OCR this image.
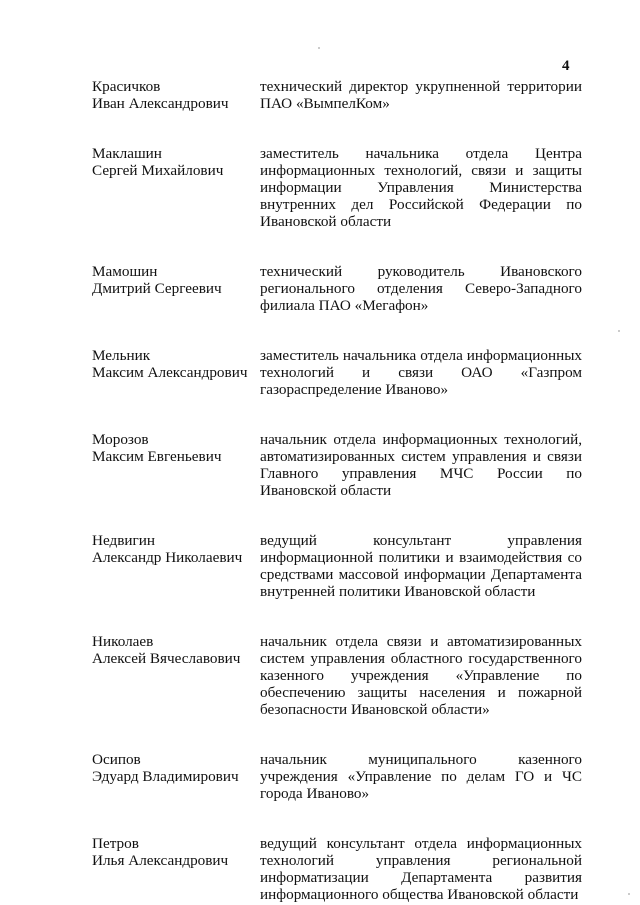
4
Красичков
Иван Александрович
технический директор укрупненной территории ПАО «ВымпелКом»
Маклашин
Сергей Михайлович
заместитель начальника отдела Центра информационных технологий, связи и защиты информации Управления Министерства внутренних дел Российской Федерации по Ивановской области
Мамошин
Дмитрий Сергеевич
технический руководитель Ивановского регионального отделения Северо-Западного филиала ПАО «Мегафон»
Мельник
Максим Александрович
заместитель начальника отдела информационных технологий и связи ОАО «Газпром газораспределение Иваново»
Морозов
Максим Евгеньевич
начальник отдела информационных технологий, автоматизированных систем управления и связи Главного управления МЧС России по Ивановской области
Недвигин
Александр Николаевич
ведущий консультант управления информационной политики и взаимодействия со средствами массовой информации Департамента внутренней политики Ивановской области
Николаев
Алексей Вячеславович
начальник отдела связи и автоматизированных систем управления областного государственного казенного учреждения «Управление по обеспечению защиты населения и пожарной безопасности Ивановской области»
Осипов
Эдуард Владимирович
начальник муниципального казенного учреждения «Управление по делам ГО и ЧС города Иваново»
Петров
Илья Александрович
ведущий консультант отдела информационных технологий управления региональной информатизации Департамента развития информационного общества Ивановской области
